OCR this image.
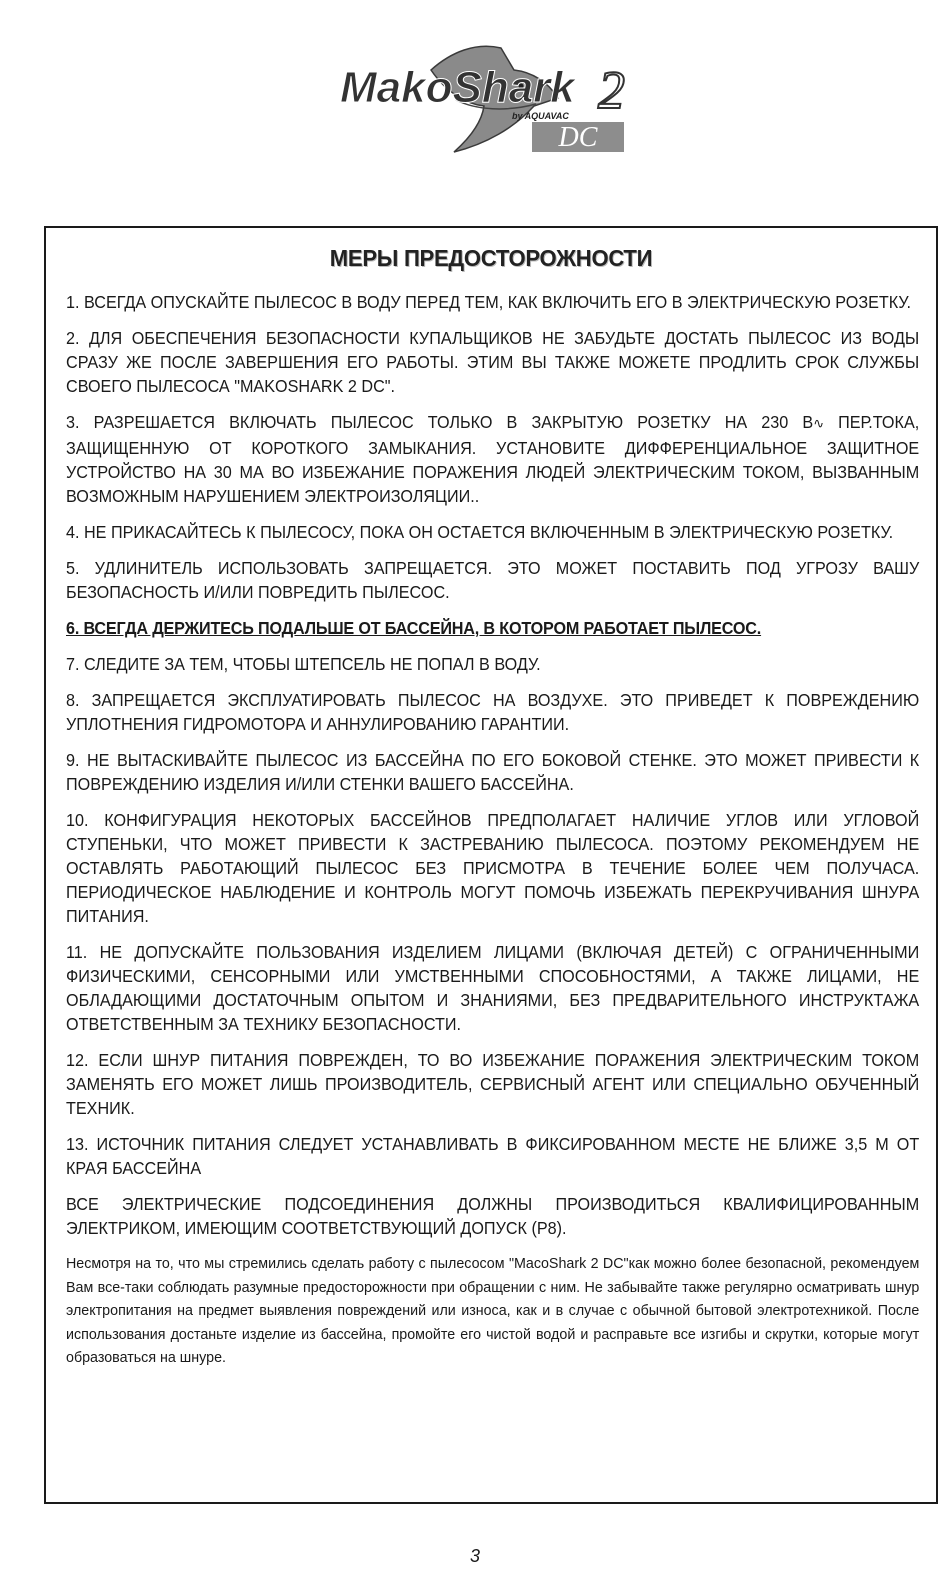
MakoShark 2
by AQUAVAC
DC
МЕРЫ ПРЕДОСТОРОЖНОСТИ

1. ВСЕГДА ОПУСКАЙТЕ ПЫЛЕСОС В ВОДУ ПЕРЕД ТЕМ, КАК ВКЛЮЧИТЬ ЕГО В ЭЛЕКТРИЧЕСКУЮ РОЗЕТКУ.

2. ДЛЯ ОБЕСПЕЧЕНИЯ БЕЗОПАСНОСТИ КУПАЛЬЩИКОВ НЕ ЗАБУДЬТЕ ДОСТАТЬ ПЫЛЕСОС ИЗ ВОДЫ СРАЗУ ЖЕ ПОСЛЕ ЗАВЕРШЕНИЯ ЕГО РАБОТЫ. ЭТИМ ВЫ ТАКЖЕ МОЖЕТЕ ПРОДЛИТЬ СРОК СЛУЖБЫ СВОЕГО ПЫЛЕСОСА "MAKOSHARK 2 DC".

3. РАЗРЕШАЕТСЯ ВКЛЮЧАТЬ ПЫЛЕСОС ТОЛЬКО В ЗАКРЫТУЮ РОЗЕТКУ НА 230 В∿ ПЕР.ТОКА, ЗАЩИЩЕННУЮ ОТ КОРОТКОГО ЗАМЫКАНИЯ. УСТАНОВИТЕ ДИФФЕРЕНЦИАЛЬНОЕ ЗАЩИТНОЕ УСТРОЙСТВО НА 30 МА ВО ИЗБЕЖАНИЕ ПОРАЖЕНИЯ ЛЮДЕЙ ЭЛЕКТРИЧЕСКИМ ТОКОМ, ВЫЗВАННЫМ ВОЗМОЖНЫМ НАРУШЕНИЕМ ЭЛЕКТРОИЗОЛЯЦИИ..

4. НЕ ПРИКАСАЙТЕСЬ К ПЫЛЕСОСУ, ПОКА ОН ОСТАЕТСЯ ВКЛЮЧЕННЫМ В ЭЛЕКТРИЧЕСКУЮ РОЗЕТКУ.

5. УДЛИНИТЕЛЬ ИСПОЛЬЗОВАТЬ ЗАПРЕЩАЕТСЯ. ЭТО МОЖЕТ ПОСТАВИТЬ ПОД УГРОЗУ ВАШУ БЕЗОПАСНОСТЬ И/ИЛИ ПОВРЕДИТЬ ПЫЛЕСОС.

6. ВСЕГДА ДЕРЖИТЕСЬ ПОДАЛЬШЕ ОТ БАССЕЙНА, В КОТОРОМ РАБОТАЕТ ПЫЛЕСОС.

7. СЛЕДИТЕ ЗА ТЕМ, ЧТОБЫ ШТЕПСЕЛЬ НЕ ПОПАЛ В ВОДУ.

8. ЗАПРЕЩАЕТСЯ ЭКСПЛУАТИРОВАТЬ ПЫЛЕСОС НА ВОЗДУХЕ. ЭТО ПРИВЕДЕТ К ПОВРЕЖДЕНИЮ УПЛОТНЕНИЯ ГИДРОМОТОРА И АННУЛИРОВАНИЮ ГАРАНТИИ.

9. НЕ ВЫТАСКИВАЙТЕ ПЫЛЕСОС ИЗ БАССЕЙНА ПО ЕГО БОКОВОЙ СТЕНКЕ. ЭТО МОЖЕТ ПРИВЕСТИ К ПОВРЕЖДЕНИЮ ИЗДЕЛИЯ И/ИЛИ СТЕНКИ ВАШЕГО БАССЕЙНА.

10. КОНФИГУРАЦИЯ НЕКОТОРЫХ БАССЕЙНОВ ПРЕДПОЛАГАЕТ НАЛИЧИЕ УГЛОВ ИЛИ УГЛОВОЙ СТУПЕНЬКИ, ЧТО МОЖЕТ ПРИВЕСТИ К ЗАСТРЕВАНИЮ ПЫЛЕСОСА. ПОЭТОМУ РЕКОМЕНДУЕМ НЕ ОСТАВЛЯТЬ РАБОТАЮЩИЙ ПЫЛЕСОС БЕЗ ПРИСМОТРА В ТЕЧЕНИЕ БОЛЕЕ ЧЕМ ПОЛУЧАСА. ПЕРИОДИЧЕСКОЕ НАБЛЮДЕНИЕ И КОНТРОЛЬ МОГУТ ПОМОЧЬ ИЗБЕЖАТЬ ПЕРЕКРУЧИВАНИЯ ШНУРА ПИТАНИЯ.

11. НЕ ДОПУСКАЙТЕ ПОЛЬЗОВАНИЯ ИЗДЕЛИЕМ ЛИЦАМИ (ВКЛЮЧАЯ ДЕТЕЙ) С ОГРАНИЧЕННЫМИ ФИЗИЧЕСКИМИ, СЕНСОРНЫМИ ИЛИ УМСТВЕННЫМИ СПОСОБНОСТЯМИ, А ТАКЖЕ ЛИЦАМИ, НЕ ОБЛАДАЮЩИМИ ДОСТАТОЧНЫМ ОПЫТОМ И ЗНАНИЯМИ, БЕЗ ПРЕДВАРИТЕЛЬНОГО ИНСТРУКТАЖА ОТВЕТСТВЕННЫМ ЗА ТЕХНИКУ БЕЗОПАСНОСТИ.

12. ЕСЛИ ШНУР ПИТАНИЯ ПОВРЕЖДЕН, ТО ВО ИЗБЕЖАНИЕ ПОРАЖЕНИЯ ЭЛЕКТРИЧЕСКИМ ТОКОМ ЗАМЕНЯТЬ ЕГО МОЖЕТ ЛИШЬ ПРОИЗВОДИТЕЛЬ, СЕРВИСНЫЙ АГЕНТ ИЛИ СПЕЦИАЛЬНО ОБУЧЕННЫЙ ТЕХНИК.

13. ИСТОЧНИК ПИТАНИЯ СЛЕДУЕТ УСТАНАВЛИВАТЬ В ФИКСИРОВАННОМ МЕСТЕ НЕ БЛИЖЕ 3,5 М ОТ КРАЯ БАССЕЙНА

ВСЕ ЭЛЕКТРИЧЕСКИЕ ПОДСОЕДИНЕНИЯ ДОЛЖНЫ ПРОИЗВОДИТЬСЯ КВАЛИФИЦИРОВАННЫМ ЭЛЕКТРИКОМ, ИМЕЮЩИМ СООТВЕТСТВУЮЩИЙ ДОПУСК (Р8).

Несмотря на то, что мы стремились сделать работу с пылесосом "MacoShark 2 DC"как можно более безопасной, рекомендуем Вам все-таки соблюдать разумные предосторожности при обращении с ним. Не забывайте также регулярно осматривать шнур электропитания на предмет выявления повреждений или износа, как и в случае с обычной бытовой электротехникой. После использования достаньте изделие из бассейна, промойте его чистой водой и расправьте все изгибы и скрутки, которые могут образоваться на шнуре.

3
